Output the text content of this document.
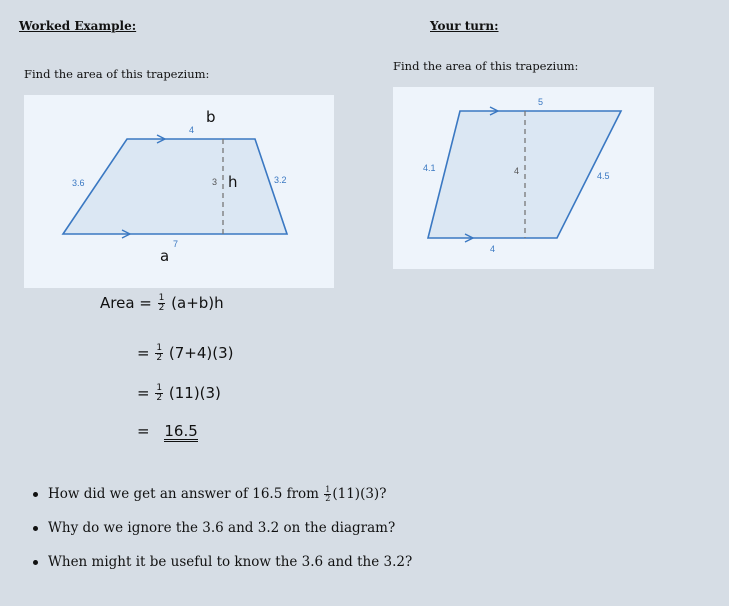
Worked Example:
Find the area of this trapezium:
4
7
3.6	3.2
3
b
a
h
Area = $\frac{1}{2} (a+b)h$
= $\frac{1}{2} (7+4)(3)$
= $\frac{1}{2} (11)(3)$
= 16.5
Your turn:
Find the area of this trapezium:
5
4
4.1
4.5
4
How did we get an answer of 16.5 from $\frac{1}{2} (11)(3)$?
Why do we ignore the 3.6 and 3.2 on the diagram?
When might it be useful to know the 3.6 and the 3.2?
